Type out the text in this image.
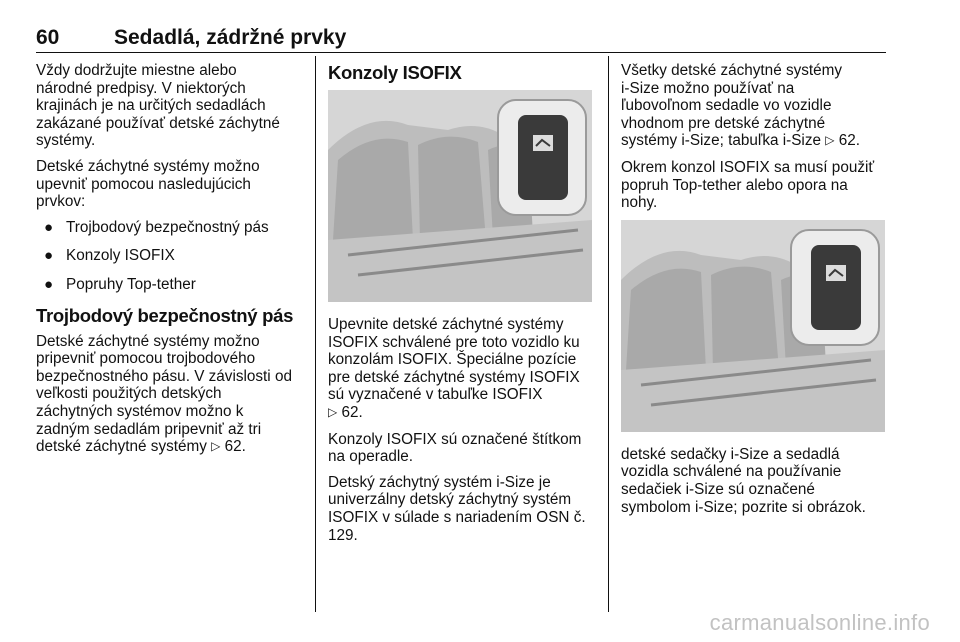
60	Sedadlá, zádržné prvky

Vždy dodržujte miestne alebo
národné predpisy. V niektorých
krajinách je na určitých sedadlách
zakázané používať detské záchytné
systémy.

Detské záchytné systémy možno
upevniť pomocou nasledujúcich
prvkov:

● Trojbodový bezpečnostný pás
● Konzoly ISOFIX
● Popruhy Top-tether
Trojbodový bezpečnostný pás

Detské záchytné systémy možno
pripevniť pomocou trojbodového
bezpečnostného pásu. V závislosti od
veľkosti použitých detských
záchytných systémov možno k
zadným sedadlám pripevniť až tri
detské záchytné systémy ▷ 62.

Konzoly ISOFIX

Upevnite detské záchytné systémy
ISOFIX schválené pre toto vozidlo ku
konzolám ISOFIX. Špeciálne pozície
pre detské záchytné systémy ISOFIX
sú vyznačené v tabuľke ISOFIX
▷ 62.

Konzoly ISOFIX sú označené štítkom
na operadle.

Detský záchytný systém i-Size je
univerzálny detský záchytný systém
ISOFIX v súlade s nariadením OSN č.
129.

Všetky detské záchytné systémy
i-Size možno používať na
ľubovoľnom sedadle vo vozidle
vhodnom pre detské záchytné
systémy i-Size; tabuľka i-Size ▷ 62.

Okrem konzol ISOFIX sa musí použiť
popruh Top-tether alebo opora na
nohy.

detské sedačky i-Size a sedadlá
vozidla schválené na používanie
sedačiek i-Size sú označené
symbolom i-Size; pozrite si obrázok.

carmanualsonline.info
